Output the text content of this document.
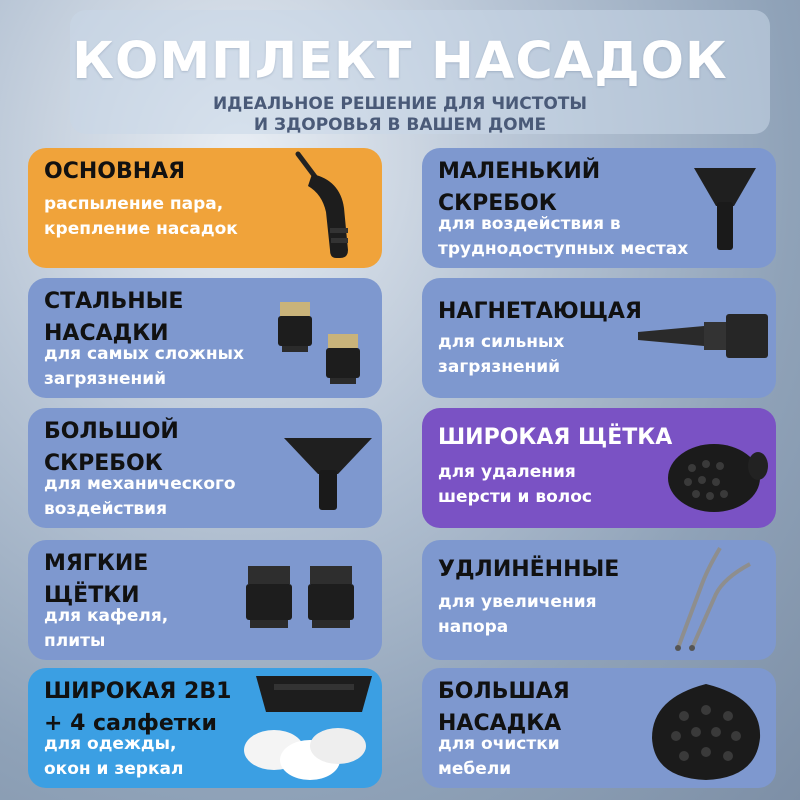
КОМПЛЕКТ НАСАДОК
ИДЕАЛЬНОЕ РЕШЕНИЕ ДЛЯ ЧИСТОТЫ
И ЗДОРОВЬЯ В ВАШЕМ ДОМЕ
ОСНОВНАЯ
распыление пара,
крепление насадок
МАЛЕНЬКИЙ
СКРЕБОК
для воздействия в
труднодоступных местах
СТАЛЬНЫЕ
НАСАДКИ
для самых сложных
загрязнений
НАГНЕТАЮЩАЯ
для сильных
загрязнений
БОЛЬШОЙ
СКРЕБОК
для механического
воздействия
ШИРОКАЯ ЩЁТКА
для удаления
шерсти и волос
МЯГКИЕ
ЩЁТКИ
для кафеля,
плиты
УДЛИНЁННЫЕ
для увеличения
напора
ШИРОКАЯ 2В1
+ 4 салфетки
для одежды,
окон и зеркал
БОЛЬШАЯ
НАСАДКА
для очистки
мебели
